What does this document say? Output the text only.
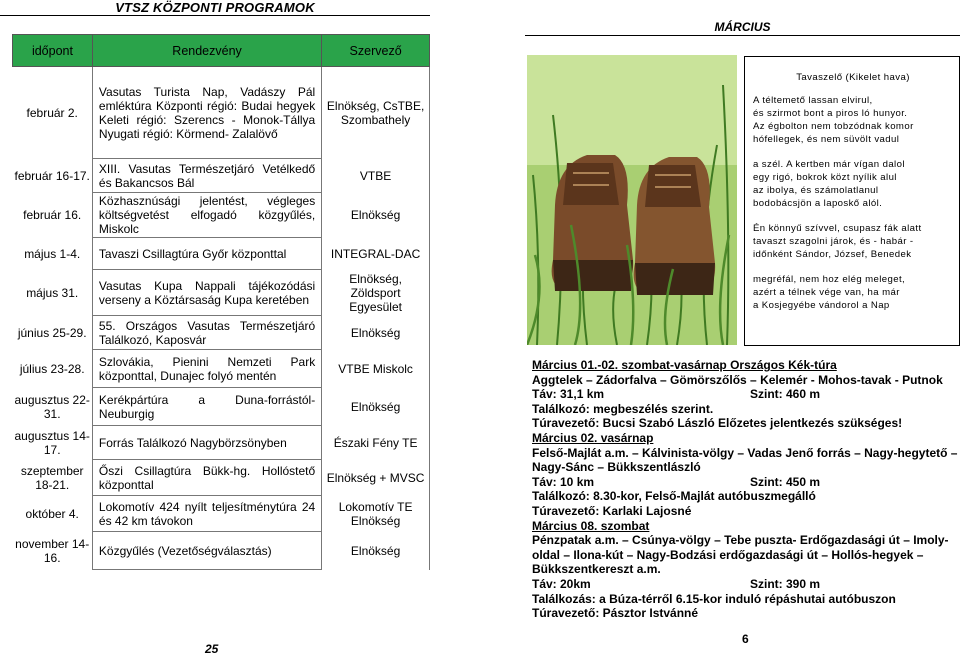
VTSZ KÖZPONTI PROGRAMOK
időpont	Rendezvény	Szervező
február 2.	Vasutas Turista Nap, Vadászy Pál emléktúra Központi régió: Budai hegyek Keleti régió: Szerencs - Monok-Tállya Nyugati régió: Körmend- Zalalövő	Elnökség, CsTBE, Szombathely
február 16-17.	XIII. Vasutas Természetjáró Vetélkedő és Bakancsos Bál	VTBE
február 16.	Közhasznúsági jelentést, végleges költségvetést elfogadó közgyűlés, Miskolc	Elnökség
május 1-4.	Tavaszi Csillagtúra Győr központtal	INTEGRAL-DAC
május 31.	Vasutas Kupa Nappali tájékozódási verseny a Köztársaság Kupa keretében	Elnökség, Zöldsport Egyesület
június 25-29.	55. Országos Vasutas Természetjáró Találkozó, Kaposvár	Elnökség
július 23-28.	Szlovákia, Pienini Nemzeti Park központtal, Dunajec folyó mentén	VTBE Miskolc
augusztus 22-31.	Kerékpártúra a Duna-forrástól-Neuburgig	Elnökség
augusztus 14-17.	Forrás Találkozó Nagybörzsönyben	Északi Fény TE
szeptember 18-21.	Őszi Csillagtúra Bükk-hg. Hollóstető központtal	Elnökség + MVSC
október 4.	Lokomotív 424 nyílt teljesítménytúra 24 és 42 km távokon	Lokomotív TE Elnökség
november 14-16.	Közgyűlés (Vezetőségválasztás)	Elnökség
25
MÁRCIUS
Tavaszelő (Kikelet hava)

A téltemető lassan elvirul,

és szirmot bont a piros ló hunyor.

Az égbolton nem tobzódnak komor

hófellegek, és nem süvölt vadul

a szél. A kertben már vígan dalol

egy rigó, bokrok közt nyílik alul

az ibolya, és számolatlanul

bodobácsjön a laposkő alól.

Én könnyű szívvel, csupasz fák alatt

tavaszt szagolni járok, és - habár -

időnként Sándor, József, Benedek

megréfál, nem hoz elég meleget,

azért a télnek vége van, ha már

a Kosjegyébe vándorol a Nap

Március 01.-02. szombat-vasárnap Országos Kék-túra
Aggtelek – Zádorfalva – Gömörszőlős – Kelemér - Mohos-tavak - Putnok
Táv: 31,1 km	Szint: 460 m
Találkozó: megbeszélés szerint.
Túravezető: Bucsi Szabó László Előzetes jelentkezés szükséges!
Március 02. vasárnap
Felső-Majlát a.m. – Kálvinista-völgy – Vadas Jenő forrás – Nagy-hegytető – Nagy-Sánc – Bükkszentlászló
Táv: 10 km	Szint: 450 m
Találkozó: 8.30-kor, Felső-Majlát autóbuszmegálló
Túravezető: Karlaki Lajosné
Március 08. szombat
Pénzpatak a.m. – Csúnya-völgy – Tebe puszta- Erdőgazdasági út – Imoly-oldal – Ilona-kút – Nagy-Bodzási erdőgazdasági út – Hollós-hegyek – Bükkszentkereszt a.m.
Táv: 20km	Szint: 390 m
Találkozás: a Búza-térről 6.15-kor induló répáshutai autóbuszon
Túravezető: Pásztor Istvánné
6
